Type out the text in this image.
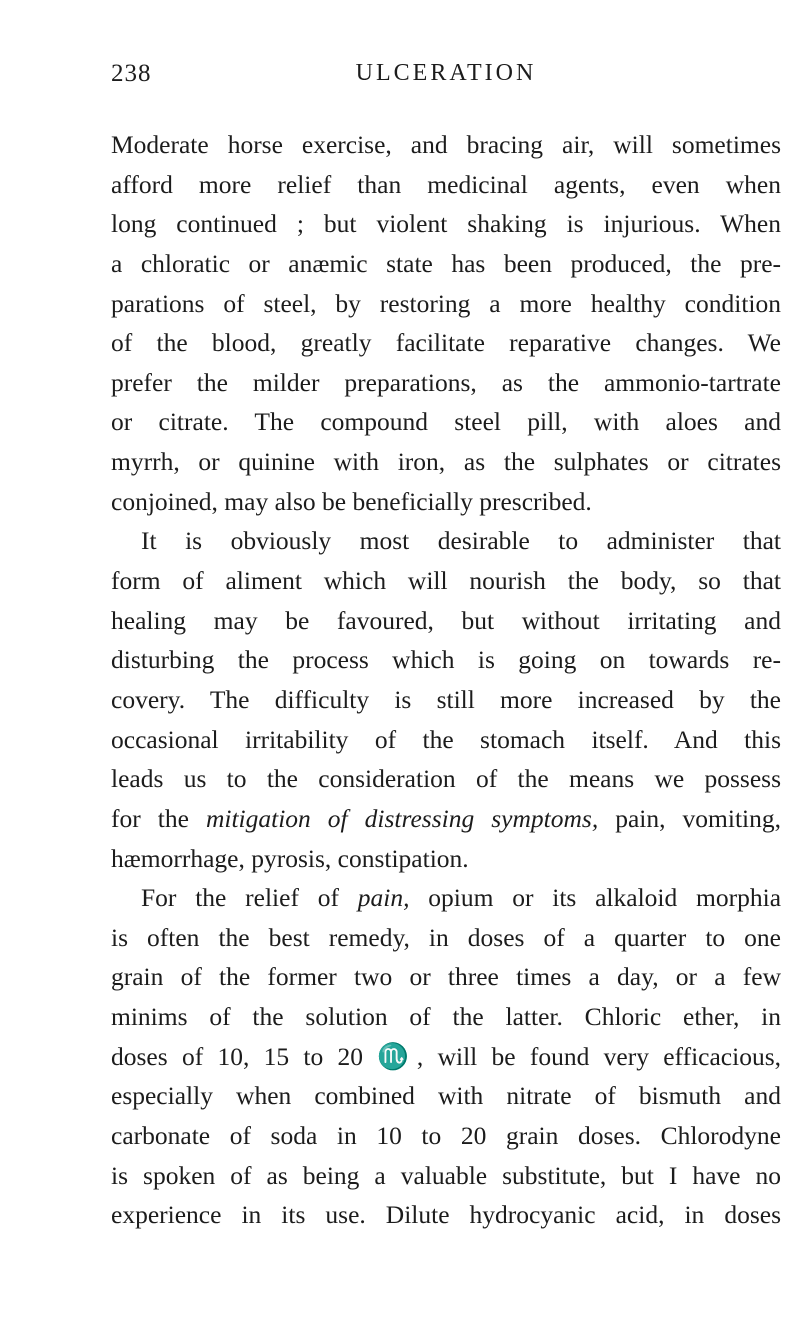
238	ULCERATION
Moderate horse exercise, and bracing air, will sometimes
afford more relief than medicinal agents, even when
long continued ; but violent shaking is injurious. When
a chloratic or anæmic state has been produced, the pre-
parations of steel, by restoring a more healthy condition
of the blood, greatly facilitate reparative changes. We
prefer the milder preparations, as the ammonio-tartrate
or citrate. The compound steel pill, with aloes and
myrrh, or quinine with iron, as the sulphates or citrates
conjoined, may also be beneficially prescribed.
It is obviously most desirable to administer that
form of aliment which will nourish the body, so that
healing may be favoured, but without irritating and
disturbing the process which is going on towards re-
covery. The difficulty is still more increased by the
occasional irritability of the stomach itself. And this
leads us to the consideration of the means we possess
for the mitigation of distressing symptoms, pain, vomiting,
hæmorrhage, pyrosis, constipation.
For the relief of pain, opium or its alkaloid morphia
is often the best remedy, in doses of a quarter to one
grain of the former two or three times a day, or a few
minims of the solution of the latter. Chloric ether, in
doses of 10, 15 to 20 ♏, will be found very efficacious,
especially when combined with nitrate of bismuth and
carbonate of soda in 10 to 20 grain doses. Chlorodyne
is spoken of as being a valuable substitute, but I have no
experience in its use. Dilute hydrocyanic acid, in doses
